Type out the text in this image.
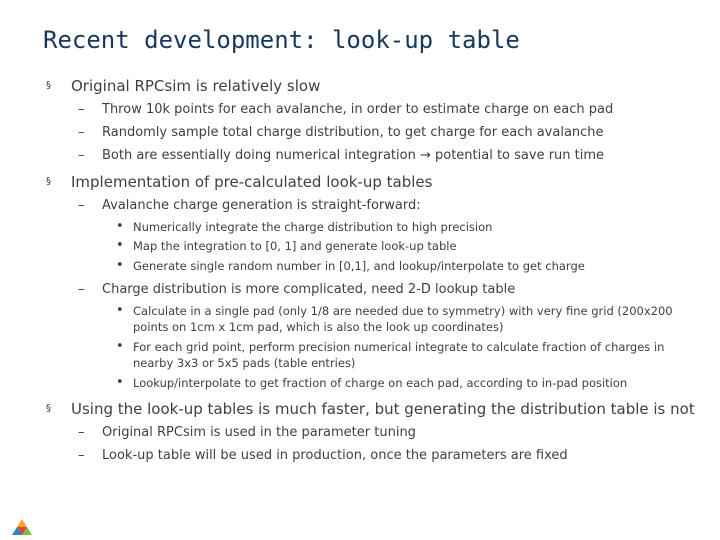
Recent development: look-up table
§ Original RPCsim is relatively slow
– Throw 10k points for each avalanche, in order to estimate charge on each pad
– Randomly sample total charge distribution, to get charge for each avalanche
– Both are essentially doing numerical integration → potential to save run time
§ Implementation of pre-calculated look-up tables
– Avalanche charge generation is straight-forward:
• Numerically integrate the charge distribution to high precision
• Map the integration to [0, 1] and generate look-up table
• Generate single random number in [0,1], and lookup/interpolate to get charge
– Charge distribution is more complicated, need 2-D lookup table
• Calculate in a single pad (only 1/8 are needed due to symmetry) with very fine grid (200x200
points on 1cm x 1cm pad, which is also the look up coordinates)
• For each grid point, perform precision numerical integrate to calculate fraction of charges in
nearby 3x3 or 5x5 pads (table entries)
• Lookup/interpolate to get fraction of charge on each pad, according to in-pad position
§ Using the look-up tables is much faster, but generating the distribution table is not
– Original RPCsim is used in the parameter tuning
– Look-up table will be used in production, once the parameters are fixed
